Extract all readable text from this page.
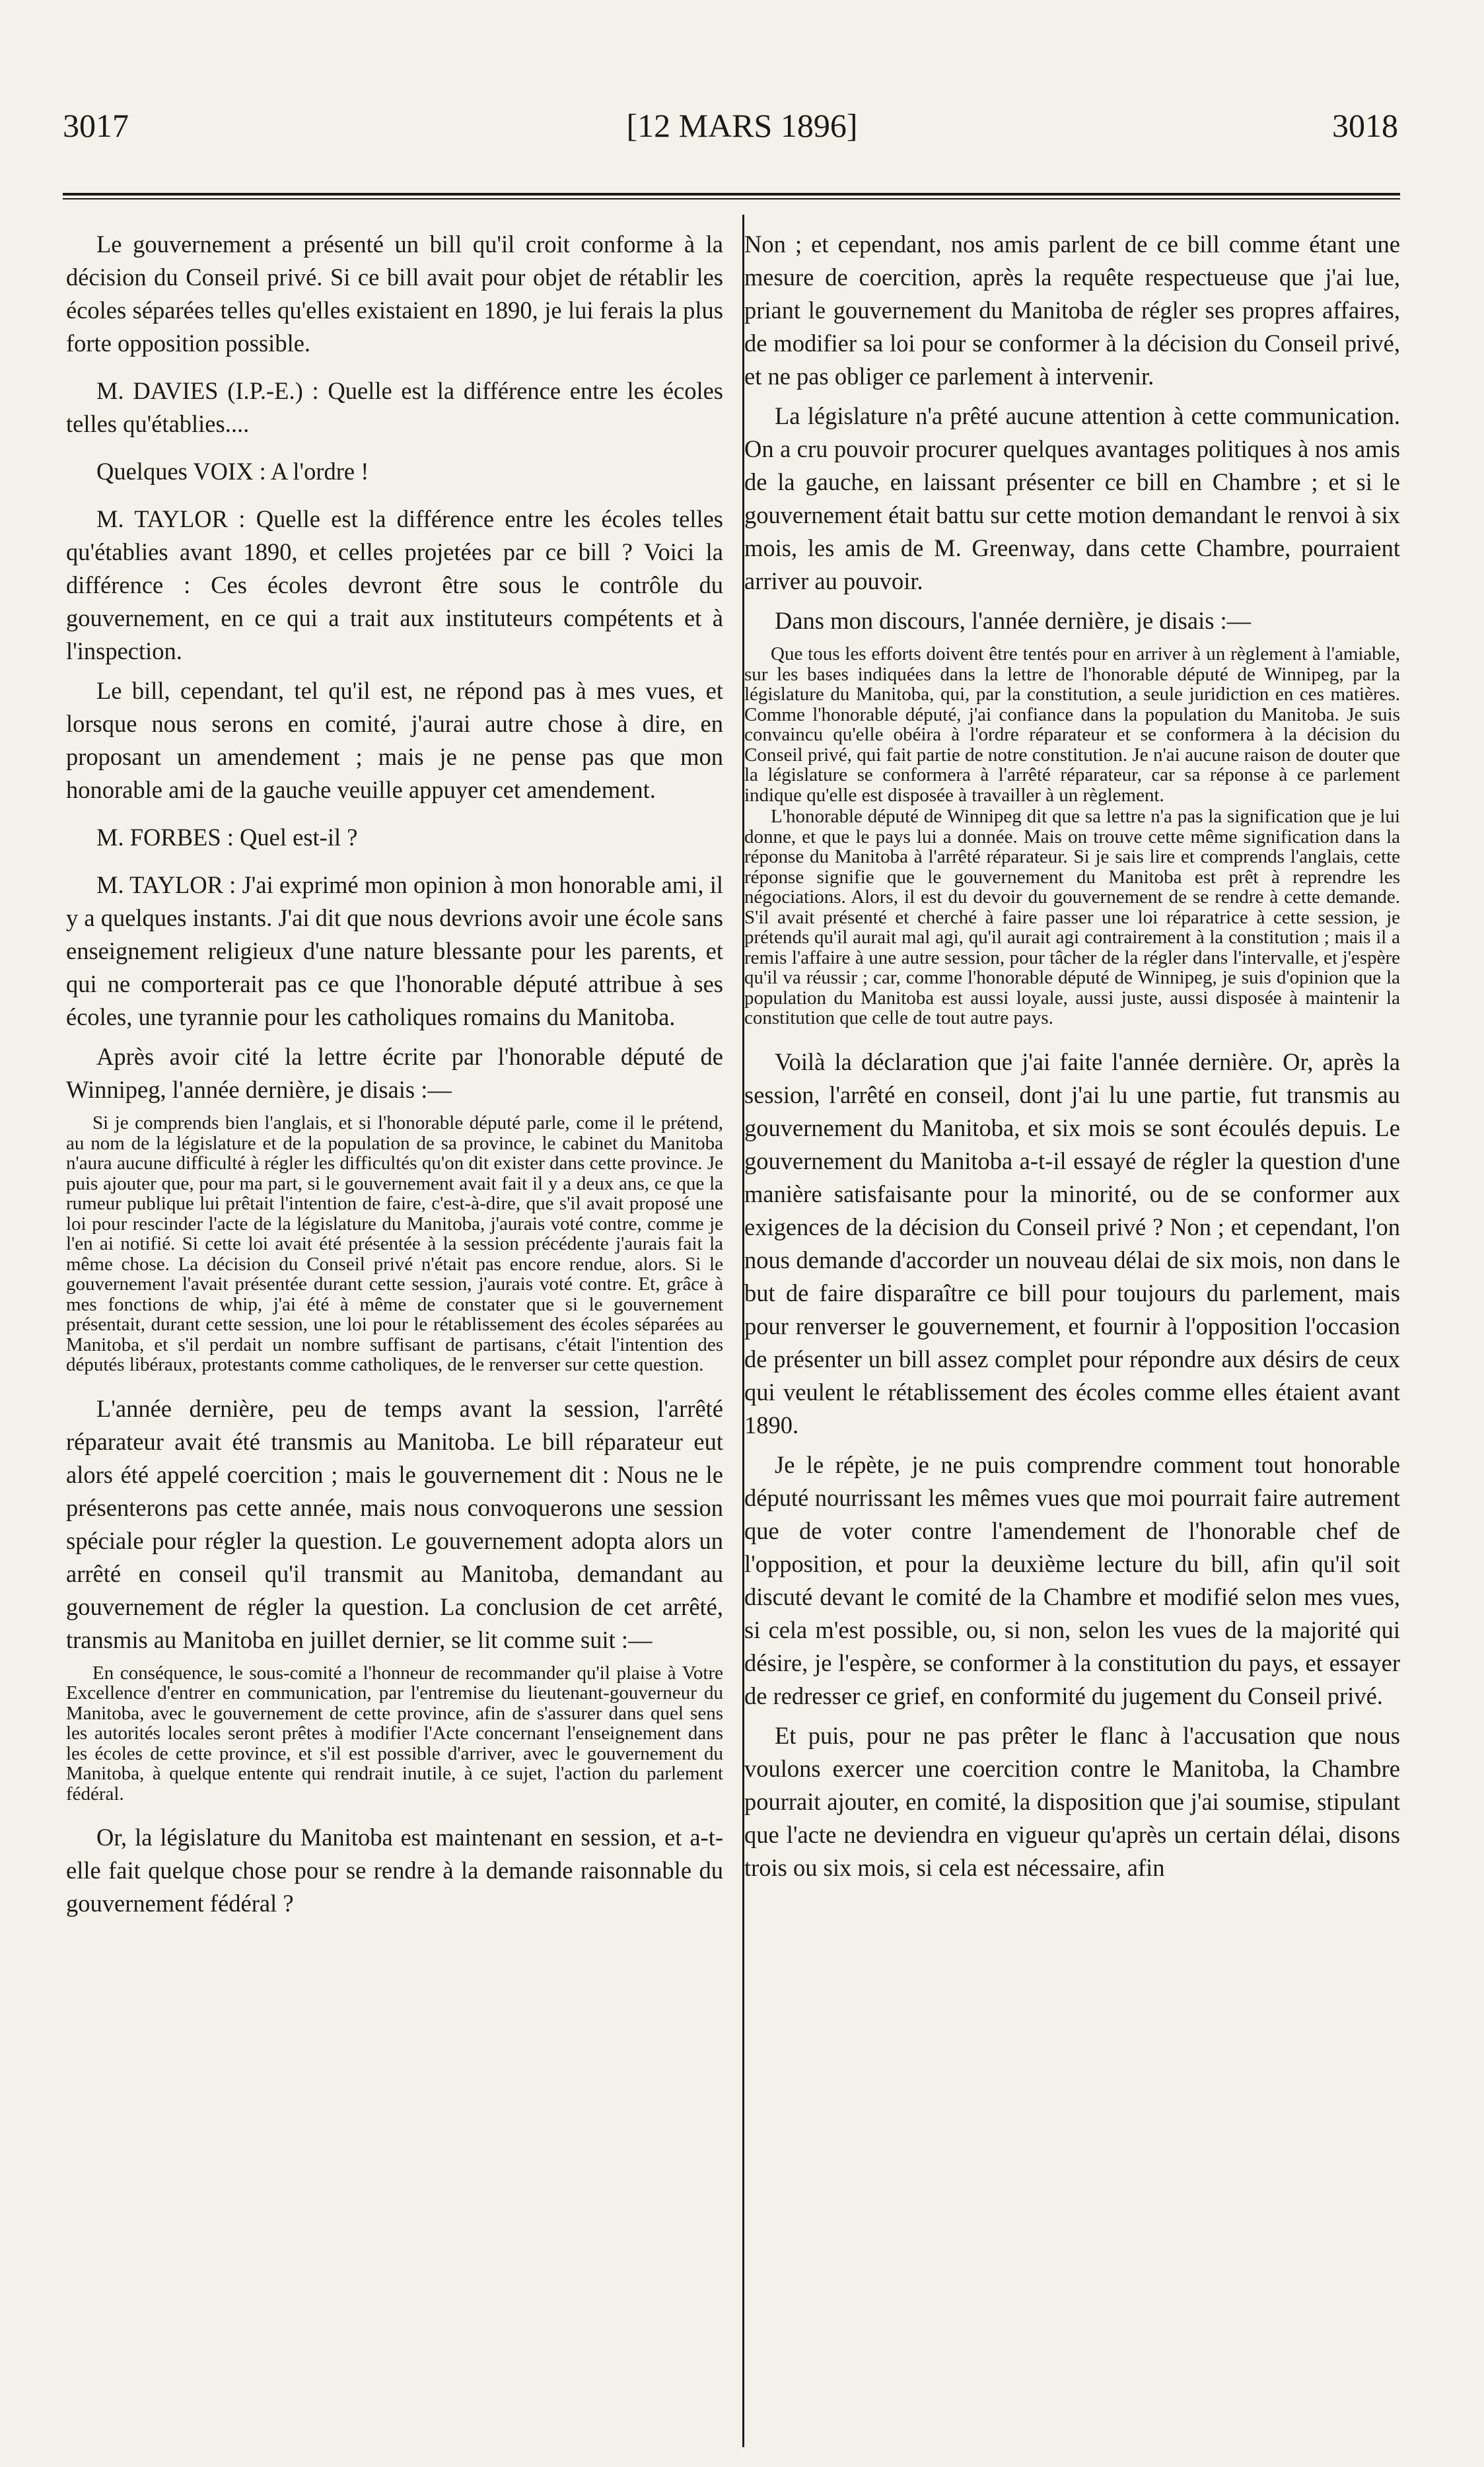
3017	[12 MARS 1896]	3018

Le gouvernement a présenté un bill qu'il croit conforme à la décision du Conseil privé. Si ce bill avait pour objet de rétablir les écoles séparées telles qu'elles existaient en 1890, je lui ferais la plus forte opposition possible.

M. DAVIES (I.P.-E.) : Quelle est la différence entre les écoles telles qu'établies....

Quelques VOIX : A l'ordre !

M. TAYLOR : Quelle est la différence entre les écoles telles qu'établies avant 1890, et celles projetées par ce bill ? Voici la différence : Ces écoles devront être sous le contrôle du gouvernement, en ce qui a trait aux instituteurs compétents et à l'inspection.

Le bill, cependant, tel qu'il est, ne répond pas à mes vues, et lorsque nous serons en comité, j'aurai autre chose à dire, en proposant un amendement ; mais je ne pense pas que mon honorable ami de la gauche veuille appuyer cet amendement.

M. FORBES : Quel est-il ?

M. TAYLOR : J'ai exprimé mon opinion à mon honorable ami, il y a quelques instants. J'ai dit que nous devrions avoir une école sans enseignement religieux d'une nature blessante pour les parents, et qui ne comporterait pas ce que l'honorable député attribue à ses écoles, une tyrannie pour les catholiques romains du Manitoba.

Après avoir cité la lettre écrite par l'honorable député de Winnipeg, l'année dernière, je disais :—

Si je comprends bien l'anglais, et si l'honorable député parle, come il le prétend, au nom de la législature et de la population de sa province, le cabinet du Manitoba n'aura aucune difficulté à régler les difficultés qu'on dit exister dans cette province. Je puis ajouter que, pour ma part, si le gouvernement avait fait il y a deux ans, ce que la rumeur publique lui prêtait l'intention de faire, c'est-à-dire, que s'il avait proposé une loi pour rescinder l'acte de la législature du Manitoba, j'aurais voté contre, comme je l'en ai notifié. Si cette loi avait été présentée à la session précédente j'aurais fait la même chose. La décision du Conseil privé n'était pas encore rendue, alors. Si le gouvernement l'avait présentée durant cette session, j'aurais voté contre. Et, grâce à mes fonctions de whip, j'ai été à même de constater que si le gouvernement présentait, durant cette session, une loi pour le rétablissement des écoles séparées au Manitoba, et s'il perdait un nombre suffisant de partisans, c'était l'intention des députés libéraux, protestants comme catholiques, de le renverser sur cette question.

L'année dernière, peu de temps avant la session, l'arrêté réparateur avait été transmis au Manitoba. Le bill réparateur eut alors été appelé coercition ; mais le gouvernement dit : Nous ne le présenterons pas cette année, mais nous convoquerons une session spéciale pour régler la question. Le gouvernement adopta alors un arrêté en conseil qu'il transmit au Manitoba, demandant au gouvernement de régler la question. La conclusion de cet arrêté, transmis au Manitoba en juillet dernier, se lit comme suit :—

En conséquence, le sous-comité a l'honneur de recommander qu'il plaise à Votre Excellence d'entrer en communication, par l'entremise du lieutenant-gouverneur du Manitoba, avec le gouvernement de cette province, afin de s'assurer dans quel sens les autorités locales seront prêtes à modifier l'Acte concernant l'enseignement dans les écoles de cette province, et s'il est possible d'arriver, avec le gouvernement du Manitoba, à quelque entente qui rendrait inutile, à ce sujet, l'action du parlement fédéral.

Or, la législature du Manitoba est maintenant en session, et a-t-elle fait quelque chose pour se rendre à la demande raisonnable du gouvernement fédéral ?

Non ; et cependant, nos amis parlent de ce bill comme étant une mesure de coercition, après la requête respectueuse que j'ai lue, priant le gouvernement du Manitoba de régler ses propres affaires, de modifier sa loi pour se conformer à la décision du Conseil privé, et ne pas obliger ce parlement à intervenir.

La législature n'a prêté aucune attention à cette communication. On a cru pouvoir procurer quelques avantages politiques à nos amis de la gauche, en laissant présenter ce bill en Chambre ; et si le gouvernement était battu sur cette motion demandant le renvoi à six mois, les amis de M. Greenway, dans cette Chambre, pourraient arriver au pouvoir.

Dans mon discours, l'année dernière, je disais :—

Que tous les efforts doivent être tentés pour en arriver à un règlement à l'amiable, sur les bases indiquées dans la lettre de l'honorable député de Winnipeg, par la législature du Manitoba, qui, par la constitution, a seule juridiction en ces matières. Comme l'honorable député, j'ai confiance dans la population du Manitoba. Je suis convaincu qu'elle obéira à l'ordre réparateur et se conformera à la décision du Conseil privé, qui fait partie de notre constitution. Je n'ai aucune raison de douter que la législature se conformera à l'arrêté réparateur, car sa réponse à ce parlement indique qu'elle est disposée à travailler à un règlement.

L'honorable député de Winnipeg dit que sa lettre n'a pas la signification que je lui donne, et que le pays lui a donnée. Mais on trouve cette même signification dans la réponse du Manitoba à l'arrêté réparateur. Si je sais lire et comprends l'anglais, cette réponse signifie que le gouvernement du Manitoba est prêt à reprendre les négociations. Alors, il est du devoir du gouvernement de se rendre à cette demande. S'il avait présenté et cherché à faire passer une loi réparatrice à cette session, je prétends qu'il aurait mal agi, qu'il aurait agi contrairement à la constitution ; mais il a remis l'affaire à une autre session, pour tâcher de la régler dans l'intervalle, et j'espère qu'il va réussir ; car, comme l'honorable député de Winnipeg, je suis d'opinion que la population du Manitoba est aussi loyale, aussi juste, aussi disposée à maintenir la constitution que celle de tout autre pays.

Voilà la déclaration que j'ai faite l'année dernière. Or, après la session, l'arrêté en conseil, dont j'ai lu une partie, fut transmis au gouvernement du Manitoba, et six mois se sont écoulés depuis. Le gouvernement du Manitoba a-t-il essayé de régler la question d'une manière satisfaisante pour la minorité, ou de se conformer aux exigences de la décision du Conseil privé ? Non ; et cependant, l'on nous demande d'accorder un nouveau délai de six mois, non dans le but de faire disparaître ce bill pour toujours du parlement, mais pour renverser le gouvernement, et fournir à l'opposition l'occasion de présenter un bill assez complet pour répondre aux désirs de ceux qui veulent le rétablissement des écoles comme elles étaient avant 1890.

Je le répète, je ne puis comprendre comment tout honorable député nourrissant les mêmes vues que moi pourrait faire autrement que de voter contre l'amendement de l'honorable chef de l'opposition, et pour la deuxième lecture du bill, afin qu'il soit discuté devant le comité de la Chambre et modifié selon mes vues, si cela m'est possible, ou, si non, selon les vues de la majorité qui désire, je l'espère, se conformer à la constitution du pays, et essayer de redresser ce grief, en conformité du jugement du Conseil privé.

Et puis, pour ne pas prêter le flanc à l'accusation que nous voulons exercer une coercition contre le Manitoba, la Chambre pourrait ajouter, en comité, la disposition que j'ai soumise, stipulant que l'acte ne deviendra en vigueur qu'après un certain délai, disons trois ou six mois, si cela est nécessaire, afin
